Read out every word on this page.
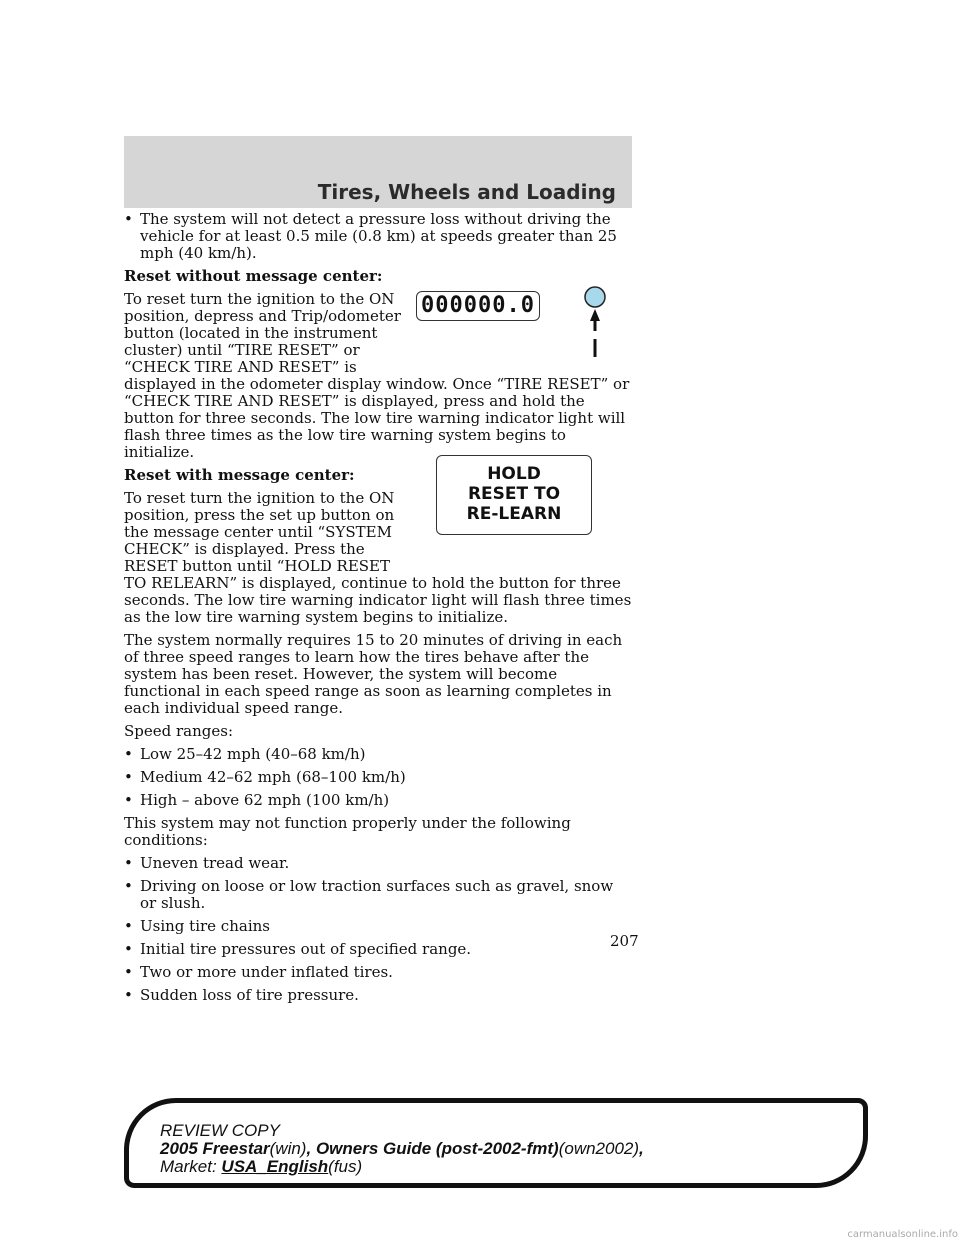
Tires, Wheels and Loading
• The system will not detect a pressure loss without driving the vehicle for at least 0.5 mile (0.8 km) at speeds greater than 25 mph (40 km/h).

Reset without message center:

To reset turn the ignition to the ON
position, depress and Trip/odometer
button (located in the instrument
cluster) until “TIRE RESET” or
“CHECK TIRE AND RESET” is
displayed in the odometer display window. Once “TIRE RESET” or “CHECK TIRE AND RESET” is displayed, press and hold the button for three seconds. The low tire warning indicator light will flash three times as the low tire warning system begins to initialize.

Reset with message center:

To reset turn the ignition to the ON
position, press the set up button on
the message center until “SYSTEM
CHECK” is displayed. Press the
RESET button until “HOLD RESET
TO RELEARN” is displayed, continue to hold the button for three seconds. The low tire warning indicator light will flash three times as the low tire warning system begins to initialize.

The system normally requires 15 to 20 minutes of driving in each of three speed ranges to learn how the tires behave after the system has been reset. However, the system will become functional in each speed range as soon as learning completes in each individual speed range.

Speed ranges:

• Low 25–42 mph (40–68 km/h)
• Medium 42–62 mph (68–100 km/h)
• High – above 62 mph (100 km/h)

This system may not function properly under the following conditions:

• Uneven tread wear.
• Driving on loose or low traction surfaces such as gravel, snow or slush.
• Using tire chains
• Initial tire pressures out of specified range.
• Two or more under inflated tires.
• Sudden loss of tire pressure.
000000.0
HOLD
RESET TO
RE-LEARN
207
REVIEW COPY
2005 Freestar(win), Owners Guide (post-2002-fmt)(own2002),
Market: USA_English(fus)
carmanualsonline.info
